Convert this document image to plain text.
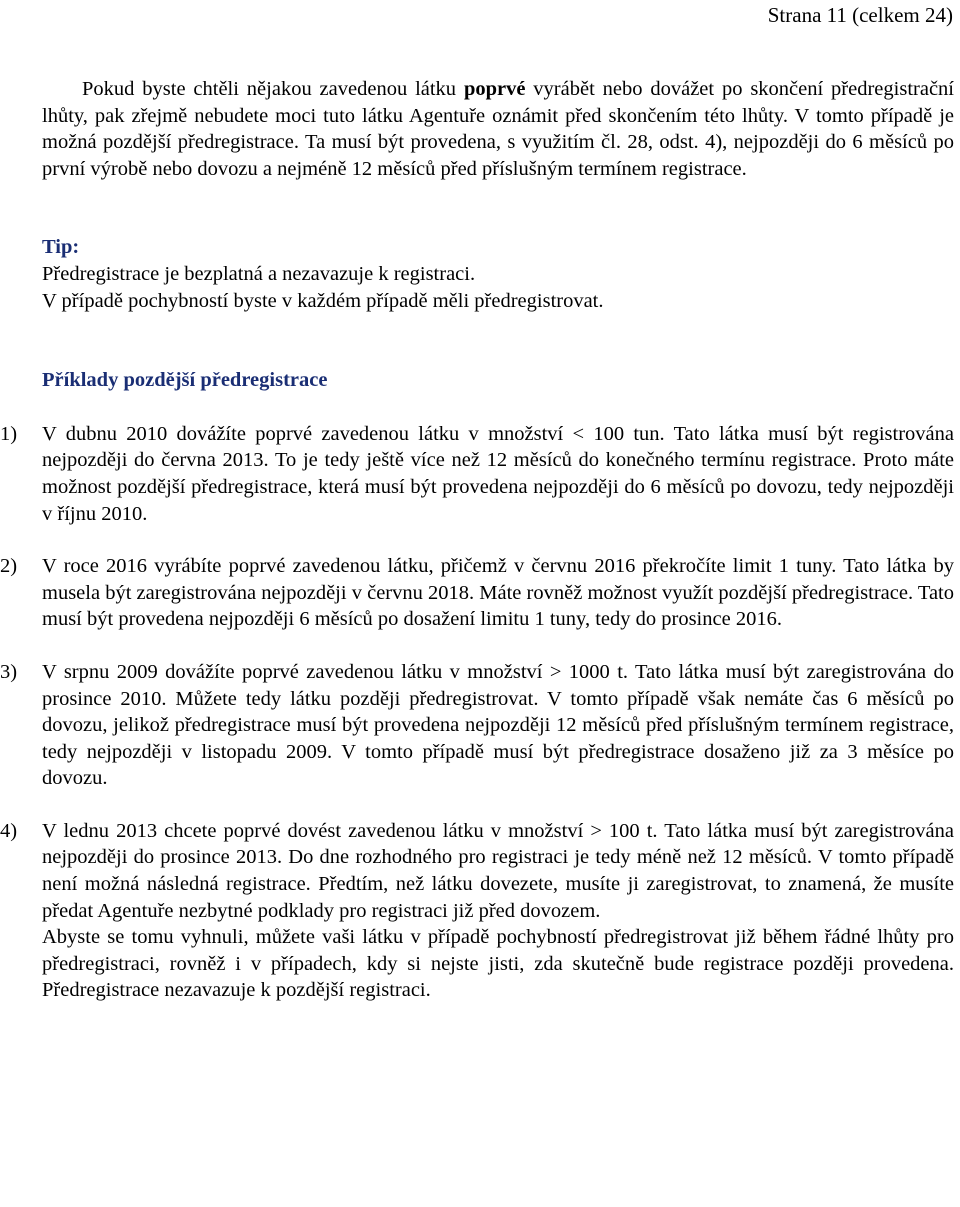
Strana 11 (celkem 24)

Pokud byste chtěli nějakou zavedenou látku poprvé vyrábět nebo dovážet po skončení předregistrační lhůty, pak zřejmě nebudete moci tuto látku Agentuře oznámit před skončením této lhůty. V tomto případě je možná pozdější předregistrace. Ta musí být provedena, s využitím čl. 28, odst. 4), nejpozději do 6 měsíců po první výrobě nebo dovozu a nejméně 12 měsíců před příslušným termínem registrace.

Tip:

Předregistrace je bezplatná a nezavazuje k registraci.

V případě pochybností byste v každém případě měli předregistrovat.

Příklady pozdější předregistrace

1)	V dubnu 2010 dovážíte poprvé zavedenou látku v množství < 100 tun. Tato látka musí být registrována nejpozději do června 2013. To je tedy ještě více než 12 měsíců do konečného termínu registrace. Proto máte možnost pozdější předregistrace, která musí být provedena nejpozději do 6 měsíců po dovozu, tedy nejpozději v říjnu 2010.

2)	V roce 2016 vyrábíte poprvé zavedenou látku, přičemž v červnu 2016 překročíte limit 1 tuny. Tato látka by musela být zaregistrována nejpozději v červnu 2018. Máte rovněž možnost využít pozdější předregistrace. Tato musí být provedena nejpozději 6 měsíců po dosažení limitu 1 tuny, tedy do prosince 2016.

3)	V srpnu 2009 dovážíte poprvé zavedenou látku v množství > 1000 t. Tato látka musí být zaregistrována do prosince 2010. Můžete tedy látku později předregistrovat. V tomto případě však nemáte čas 6 měsíců po dovozu, jelikož předregistrace musí být provedena nejpozději 12 měsíců před příslušným termínem registrace, tedy nejpozději v listopadu 2009. V tomto případě musí být předregistrace dosaženo již za 3 měsíce po dovozu.

4)	V lednu 2013 chcete poprvé dovést zavedenou látku v množství > 100 t. Tato látka musí být zaregistrována nejpozději do prosince 2013. Do dne rozhodného pro registraci je tedy méně než 12 měsíců. V tomto případě není možná následná registrace. Předtím, než látku dovezete, musíte ji zaregistrovat, to znamená, že musíte předat Agentuře nezbytné podklady pro registraci již před dovozem.

Abyste se tomu vyhnuli, můžete vaši látku v případě pochybností předregistrovat již během řádné lhůty pro předregistraci, rovněž i v případech, kdy si nejste jisti, zda skutečně bude registrace později provedena. Předregistrace nezavazuje k pozdější registraci.
